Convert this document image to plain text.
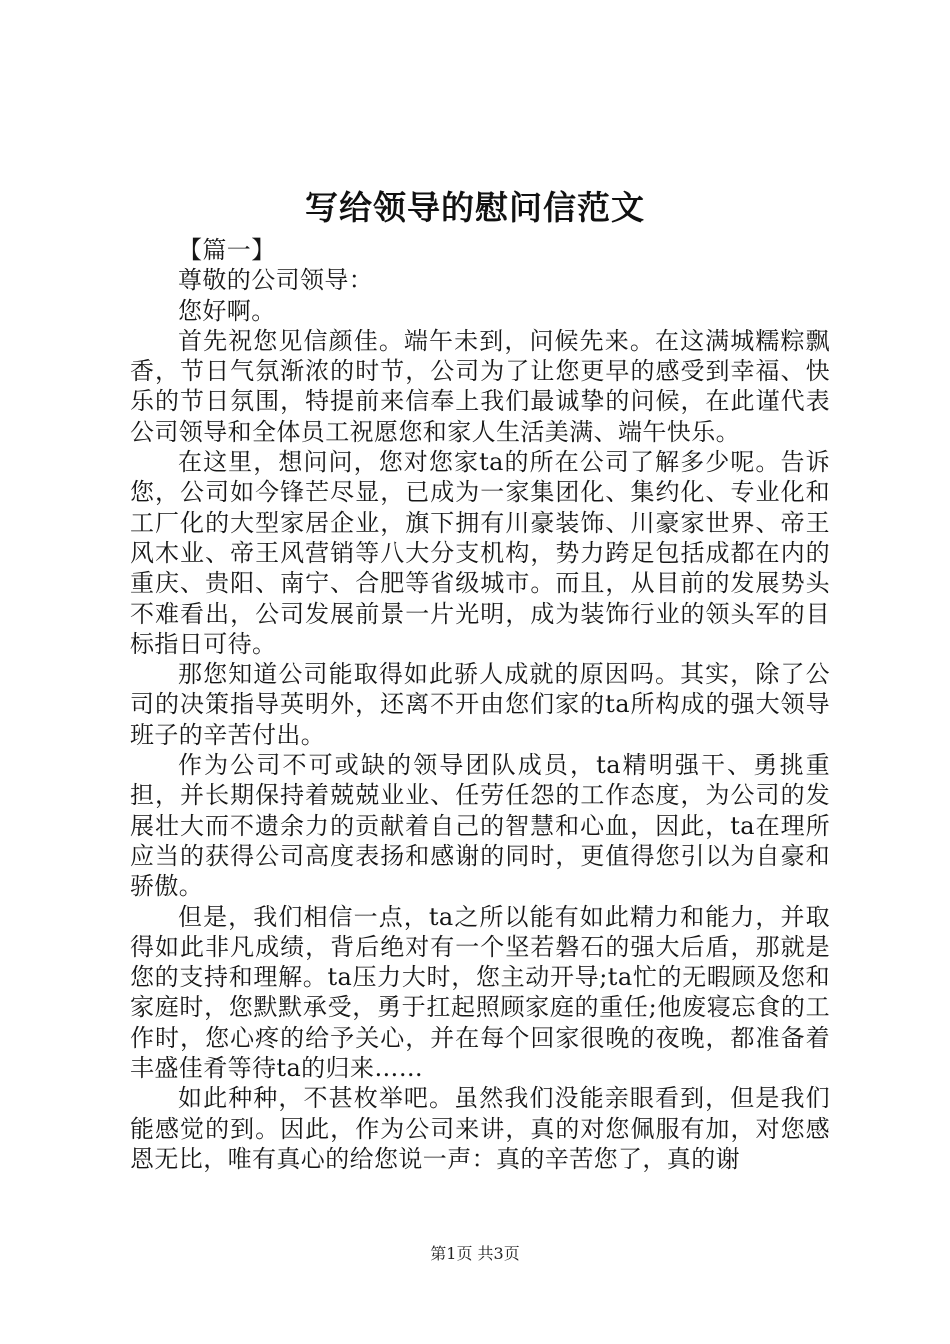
写给领导的慰问信范文

【篇一】

尊敬的公司领导：

您好啊。

首先祝您见信颜佳。端午未到，问候先来。在这满城糯粽飘香，节日气氛渐浓的时节，公司为了让您更早的感受到幸福、快乐的节日氛围，特提前来信奉上我们最诚挚的问候，在此谨代表公司领导和全体员工祝愿您和家人生活美满、端午快乐。

在这里，想问问，您对您家ta的所在公司了解多少呢。告诉您，公司如今锋芒尽显，已成为一家集团化、集约化、专业化和工厂化的大型家居企业，旗下拥有川豪装饰、川豪家世界、帝王风木业、帝王风营销等八大分支机构，势力跨足包括成都在内的重庆、贵阳、南宁、合肥等省级城市。而且，从目前的发展势头不难看出，公司发展前景一片光明，成为装饰行业的领头军的目标指日可待。

那您知道公司能取得如此骄人成就的原因吗。其实，除了公司的决策指导英明外，还离不开由您们家的ta所构成的强大领导班子的辛苦付出。

作为公司不可或缺的领导团队成员，ta精明强干、勇挑重担，并长期保持着兢兢业业、任劳任怨的工作态度，为公司的发展壮大而不遗余力的贡献着自己的智慧和心血，因此，ta在理所应当的获得公司高度表扬和感谢的同时，更值得您引以为自豪和骄傲。

但是，我们相信一点，ta之所以能有如此精力和能力，并取得如此非凡成绩，背后绝对有一个坚若磐石的强大后盾，那就是您的支持和理解。ta压力大时，您主动开导;ta忙的无暇顾及您和家庭时，您默默承受，勇于扛起照顾家庭的重任;他废寝忘食的工作时，您心疼的给予关心，并在每个回家很晚的夜晚，都准备着丰盛佳肴等待ta的归来……

如此种种，不甚枚举吧。虽然我们没能亲眼看到，但是我们能感觉的到。因此，作为公司来讲，真的对您佩服有加，对您感恩无比，唯有真心的给您说一声：真的辛苦您了，真的谢

第1页 共3页
